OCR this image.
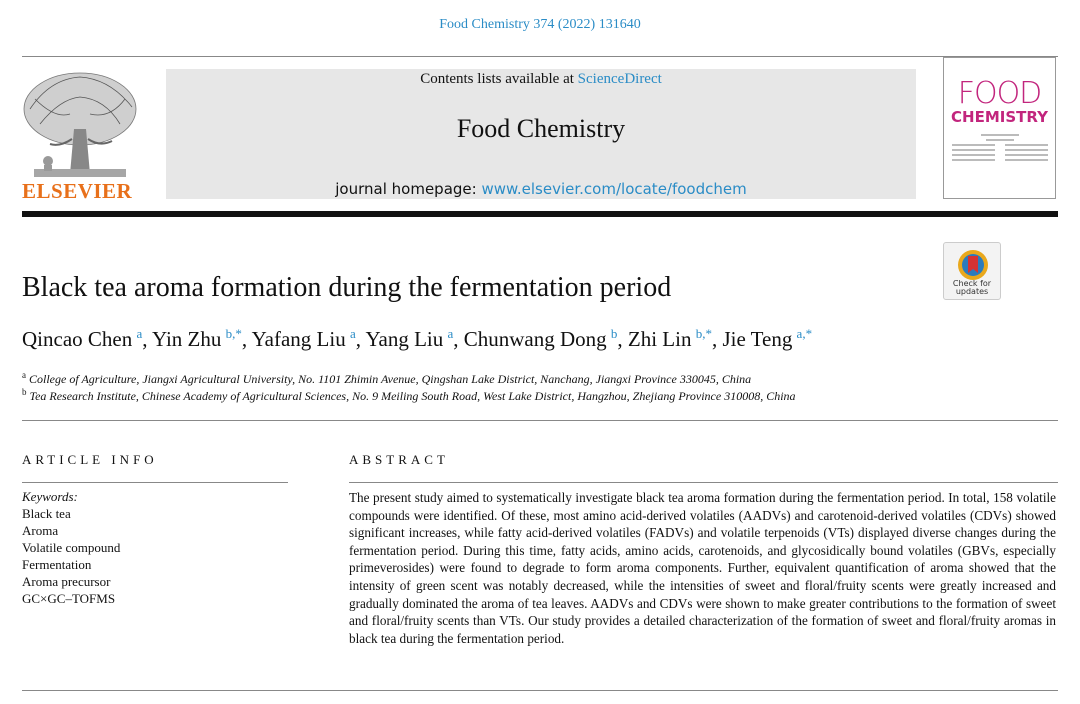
Food Chemistry 374 (2022) 131640
ELSEVIER
Contents lists available at ScienceDirect
Food Chemistry
journal homepage: www.elsevier.com/locate/foodchem
FOOD
CHEMISTRY
Check for
updates
Black tea aroma formation during the fermentation period
Qincao Chen  $^a$, Yin Zhu  $^{b,*}$, Yafang Liu  $^a$, Yang Liu  $^a$, Chunwang Dong  $^b$, Zhi Lin  $^{b,*}$, Jie Teng  $^{a,*}$
$^a$ College of Agriculture, Jiangxi Agricultural University, No. 1101 Zhimin Avenue, Qingshan Lake District, Nanchang, Jiangxi Province 330045, China
$^b$ Tea Research Institute, Chinese Academy of Agricultural Sciences, No. 9 Meiling South Road, West Lake District, Hangzhou, Zhejiang Province 310008, China
ARTICLE INFO	ABSTRACT
Keywords:
Black tea
Aroma
Volatile compound
Fermentation
Aroma precursor
GC×GC–TOFMS
The present study aimed to systematically investigate black tea aroma formation during the fermentation period. In total, 158 volatile compounds were identified. Of these, most amino acid-derived volatiles (AADVs) and carotenoid-derived volatiles (CDVs) showed significant increases, while fatty acid-derived volatiles (FADVs) and volatile terpenoids (VTs) displayed diverse changes during the fermentation period. During this time, fatty acids, amino acids, carotenoids, and glycosidically bound volatiles (GBVs, especially primeverosides) were found to degrade to form aroma components. Further, equivalent quantification of aroma showed that the intensity of green scent was notably decreased, while the intensities of sweet and floral/fruity scents were greatly increased and gradually dominated the aroma of tea leaves. AADVs and CDVs were shown to make greater contributions to the formation of sweet and floral/fruity scents than VTs. Our study provides a detailed characterization of the formation of sweet and floral/fruity aromas in black tea during the fermentation period.
